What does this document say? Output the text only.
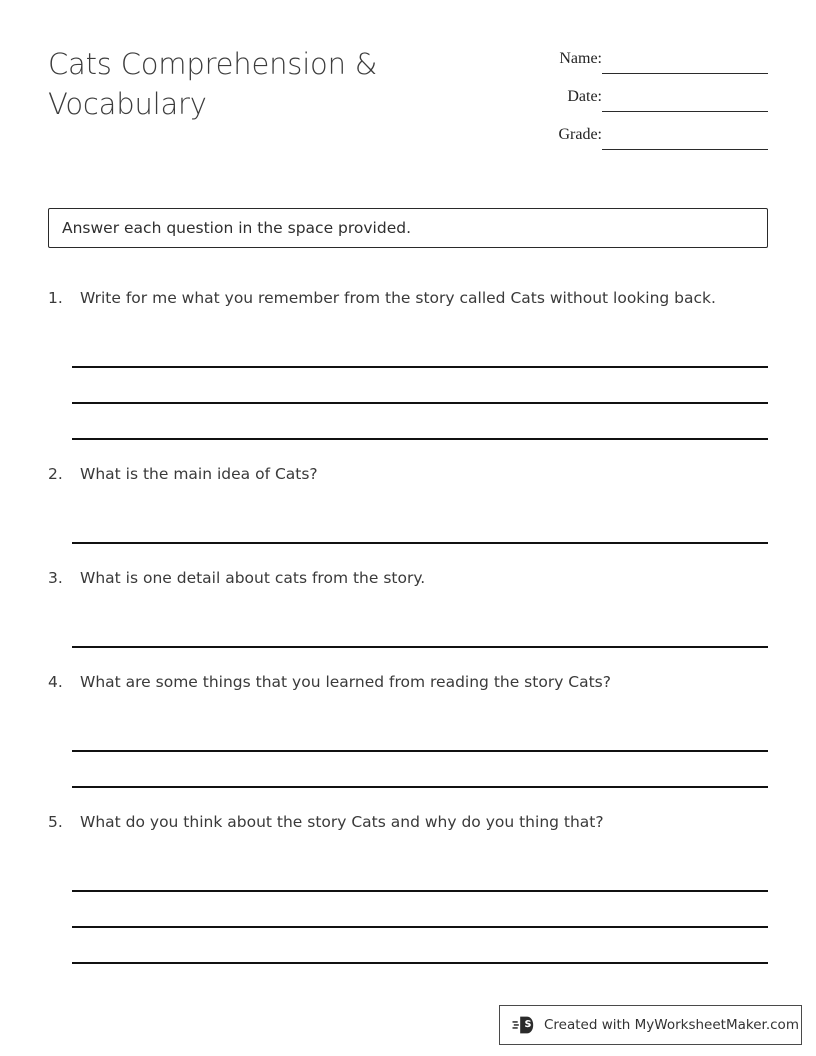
Cats Comprehension & Vocabulary
Name:
Date:
Grade:
Answer each question in the space provided.
1.	Write for me what you remember from the story called Cats without looking back.
2.	What is the main idea of Cats?
3.	What is one detail about cats from the story.
4.	What are some things that you learned from reading the story Cats?
5.	What do you think about the story Cats and why do you thing that?
Created with MyWorksheetMaker.com
